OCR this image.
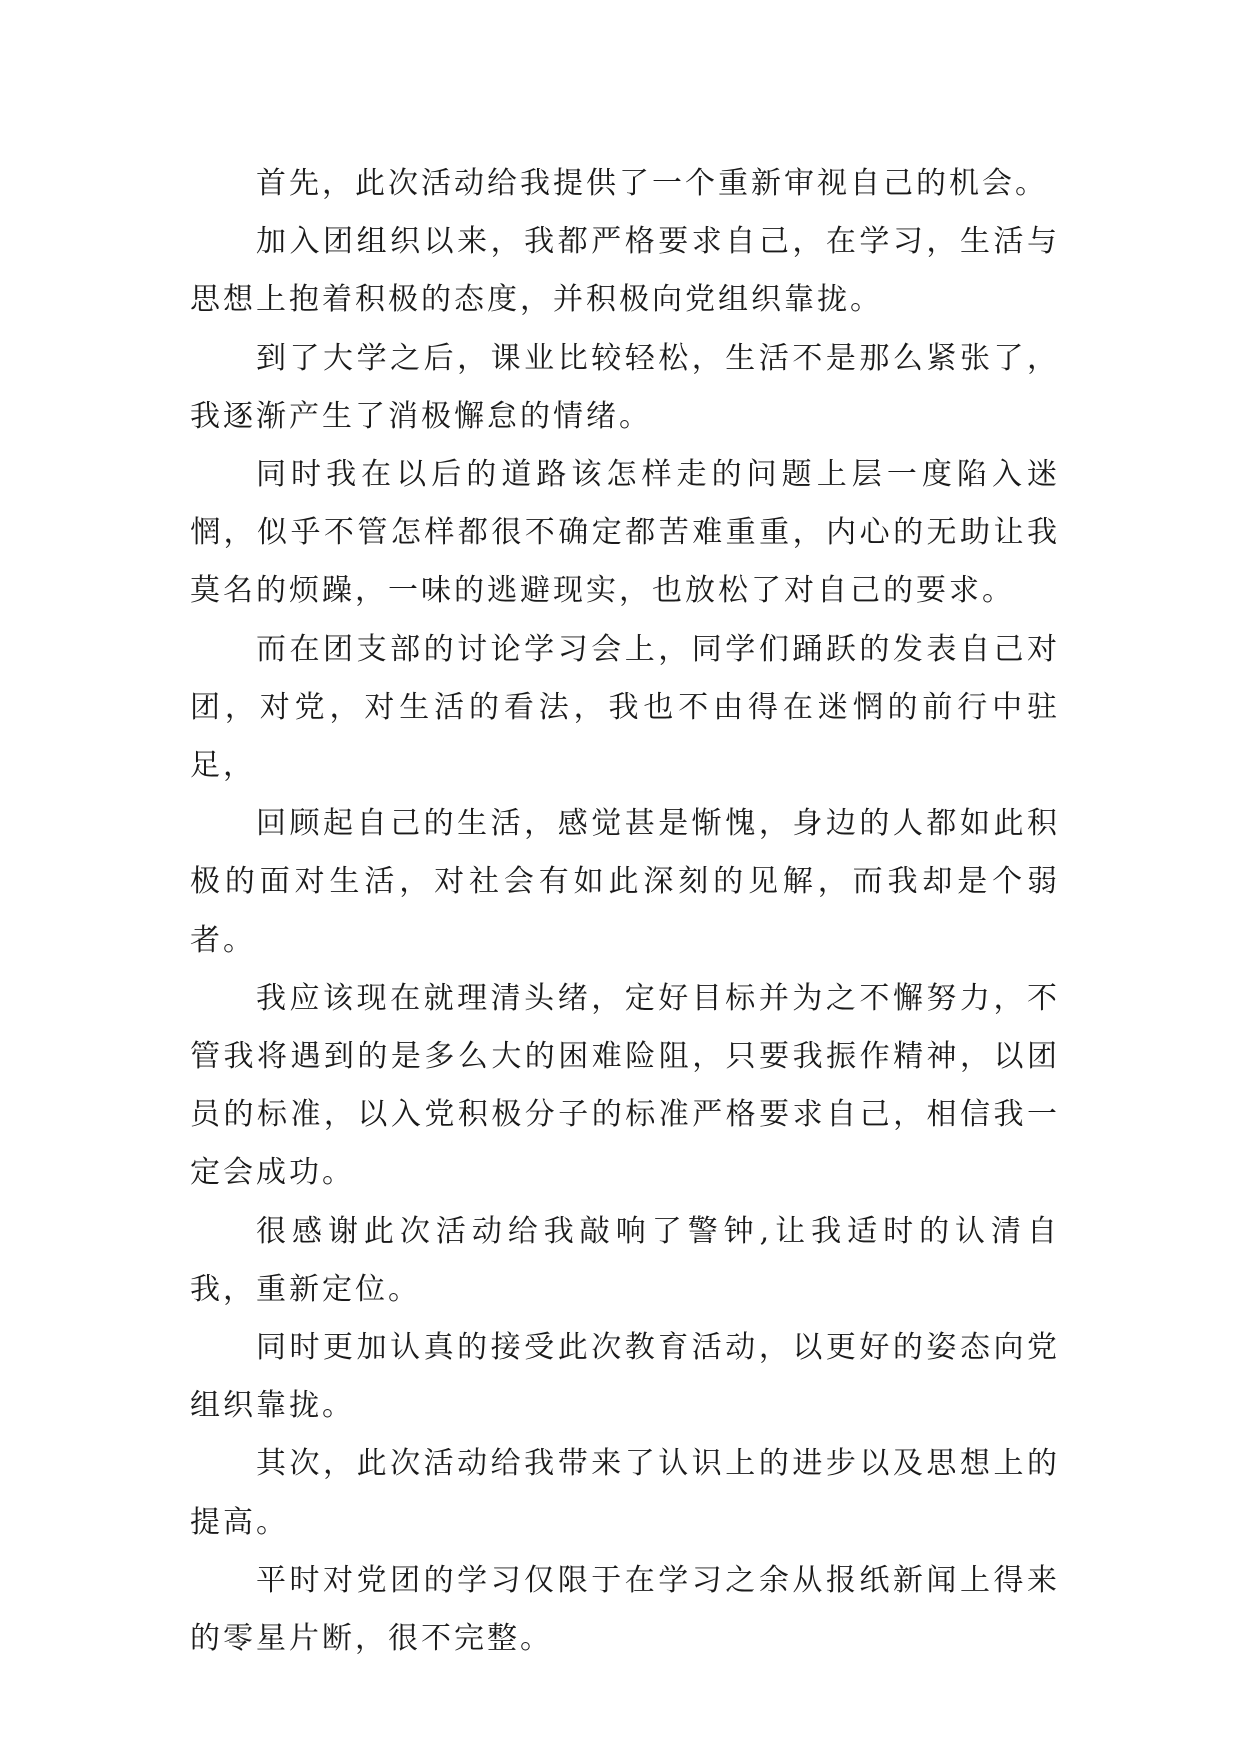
首先，此次活动给我提供了一个重新审视自己的机会。

加入团组织以来，我都严格要求自己，在学习，生活与思想上抱着积极的态度，并积极向党组织靠拢。

到了大学之后，课业比较轻松，生活不是那么紧张了，我逐渐产生了消极懈怠的情绪。

同时我在以后的道路该怎样走的问题上层一度陷入迷惘，似乎不管怎样都很不确定都苦难重重，内心的无助让我莫名的烦躁，一味的逃避现实，也放松了对自己的要求。

而在团支部的讨论学习会上，同学们踊跃的发表自己对团，对党，对生活的看法，我也不由得在迷惘的前行中驻足，

回顾起自己的生活，感觉甚是惭愧，身边的人都如此积极的面对生活，对社会有如此深刻的见解，而我却是个弱者。

我应该现在就理清头绪，定好目标并为之不懈努力，不管我将遇到的是多么大的困难险阻，只要我振作精神，以团员的标准，以入党积极分子的标准严格要求自己，相信我一定会成功。

很感谢此次活动给我敲响了警钟,让我适时的认清自我，重新定位。

同时更加认真的接受此次教育活动，以更好的姿态向党组织靠拢。

其次，此次活动给我带来了认识上的进步以及思想上的提高。

平时对党团的学习仅限于在学习之余从报纸新闻上得来的零星片断，很不完整。
